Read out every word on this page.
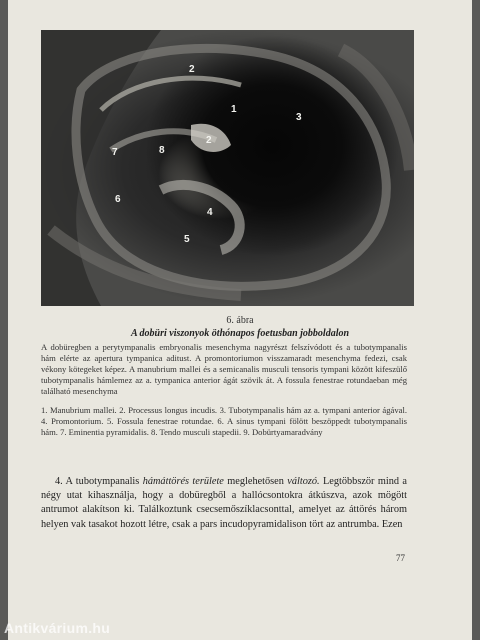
2
1
3
2
7	8
6
4
5
6. ábra
A dobüri viszonyok öthónapos foetusban jobboldalon

A dobüregben a perytympanalis embryonalis mesenchyma nagyrészt felszívódott és a tubotympanalis hám elérte az apertura tympanica aditust. A promontoriumon visszamaradt mesenchyma fedezi, csak vékony kötegeket képez. A manubrium mallei és a semicanalis musculi tensoris tympani között kifeszülő tubotympanalis hámlemez az a. tympanica anterior ágát szövik át. A fossula fenestrae rotundaeban még található mesenchyma

1. Manubrium mallei. 2. Processus longus incudis. 3. Tubotympanalis hám az a. tympani anterior ágával. 4. Promontorium. 5. Fossula fenestrae rotundae. 6. A sinus tympani fölött beszöppedt tubotympanalis hám. 7. Eminentia pyramidalis. 8. Tendo musculi stapedii. 9. Dobürtyamaradvány

4. A tubotympanalis hámáttörés területe meglehetősen változó. Legtöbbször mind a négy utat kihasználja, hogy a dobüregből a hallócsontokra átkúszva, azok mögött antrumot alakítson ki. Találkoztunk csecsemőszíklacsonttal, amelyet az áttörés három helyen vak tasakot hozott létre, csak a pars incudopyramidalison tört az antrumba. Ezen

77
Antikvárium.hu
